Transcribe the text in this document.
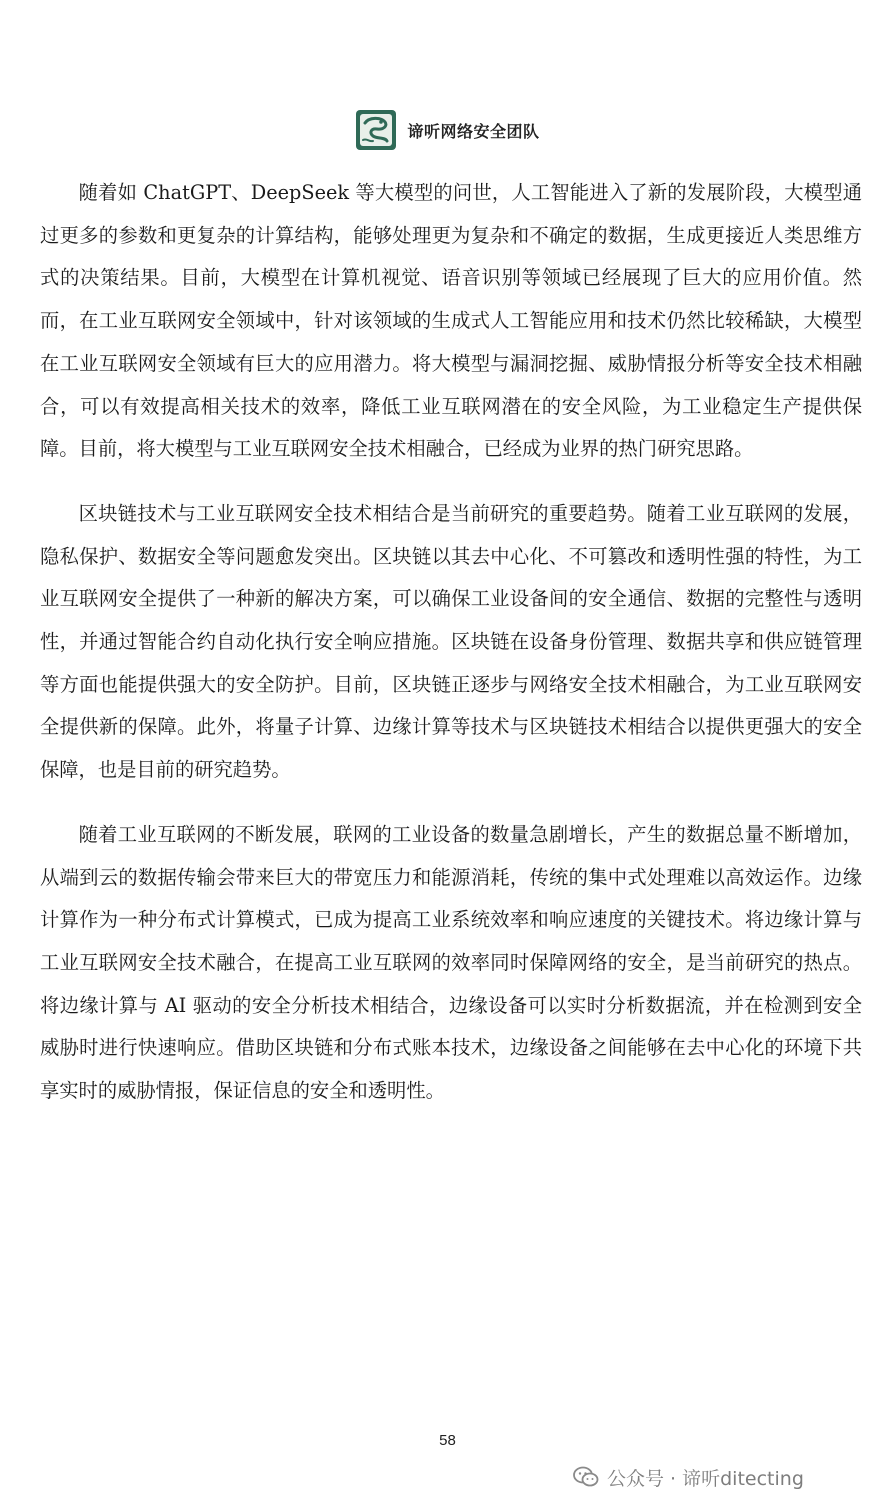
谛听网络安全团队

随着如 ChatGPT、DeepSeek 等大模型的问世，人工智能进入了新的发展阶段，大模型通过更多的参数和更复杂的计算结构，能够处理更为复杂和不确定的数据，生成更接近人类思维方式的决策结果。目前，大模型在计算机视觉、语音识别等领域已经展现了巨大的应用价值。然而，在工业互联网安全领域中，针对该领域的生成式人工智能应用和技术仍然比较稀缺，大模型在工业互联网安全领域有巨大的应用潜力。将大模型与漏洞挖掘、威胁情报分析等安全技术相融合，可以有效提高相关技术的效率，降低工业互联网潜在的安全风险，为工业稳定生产提供保障。目前，将大模型与工业互联网安全技术相融合，已经成为业界的热门研究思路。

区块链技术与工业互联网安全技术相结合是当前研究的重要趋势。随着工业互联网的发展，隐私保护、数据安全等问题愈发突出。区块链以其去中心化、不可篡改和透明性强的特性，为工业互联网安全提供了一种新的解决方案，可以确保工业设备间的安全通信、数据的完整性与透明性，并通过智能合约自动化执行安全响应措施。区块链在设备身份管理、数据共享和供应链管理等方面也能提供强大的安全防护。目前，区块链正逐步与网络安全技术相融合，为工业互联网安全提供新的保障。此外，将量子计算、边缘计算等技术与区块链技术相结合以提供更强大的安全保障，也是目前的研究趋势。

随着工业互联网的不断发展，联网的工业设备的数量急剧增长，产生的数据总量不断增加，从端到云的数据传输会带来巨大的带宽压力和能源消耗，传统的集中式处理难以高效运作。边缘计算作为一种分布式计算模式，已成为提高工业系统效率和响应速度的关键技术。将边缘计算与工业互联网安全技术融合，在提高工业互联网的效率同时保障网络的安全，是当前研究的热点。将边缘计算与 AI 驱动的安全分析技术相结合，边缘设备可以实时分析数据流，并在检测到安全威胁时进行快速响应。借助区块链和分布式账本技术，边缘设备之间能够在去中心化的环境下共享实时的威胁情报，保证信息的安全和透明性。

58
公众号 · 谛听ditecting
